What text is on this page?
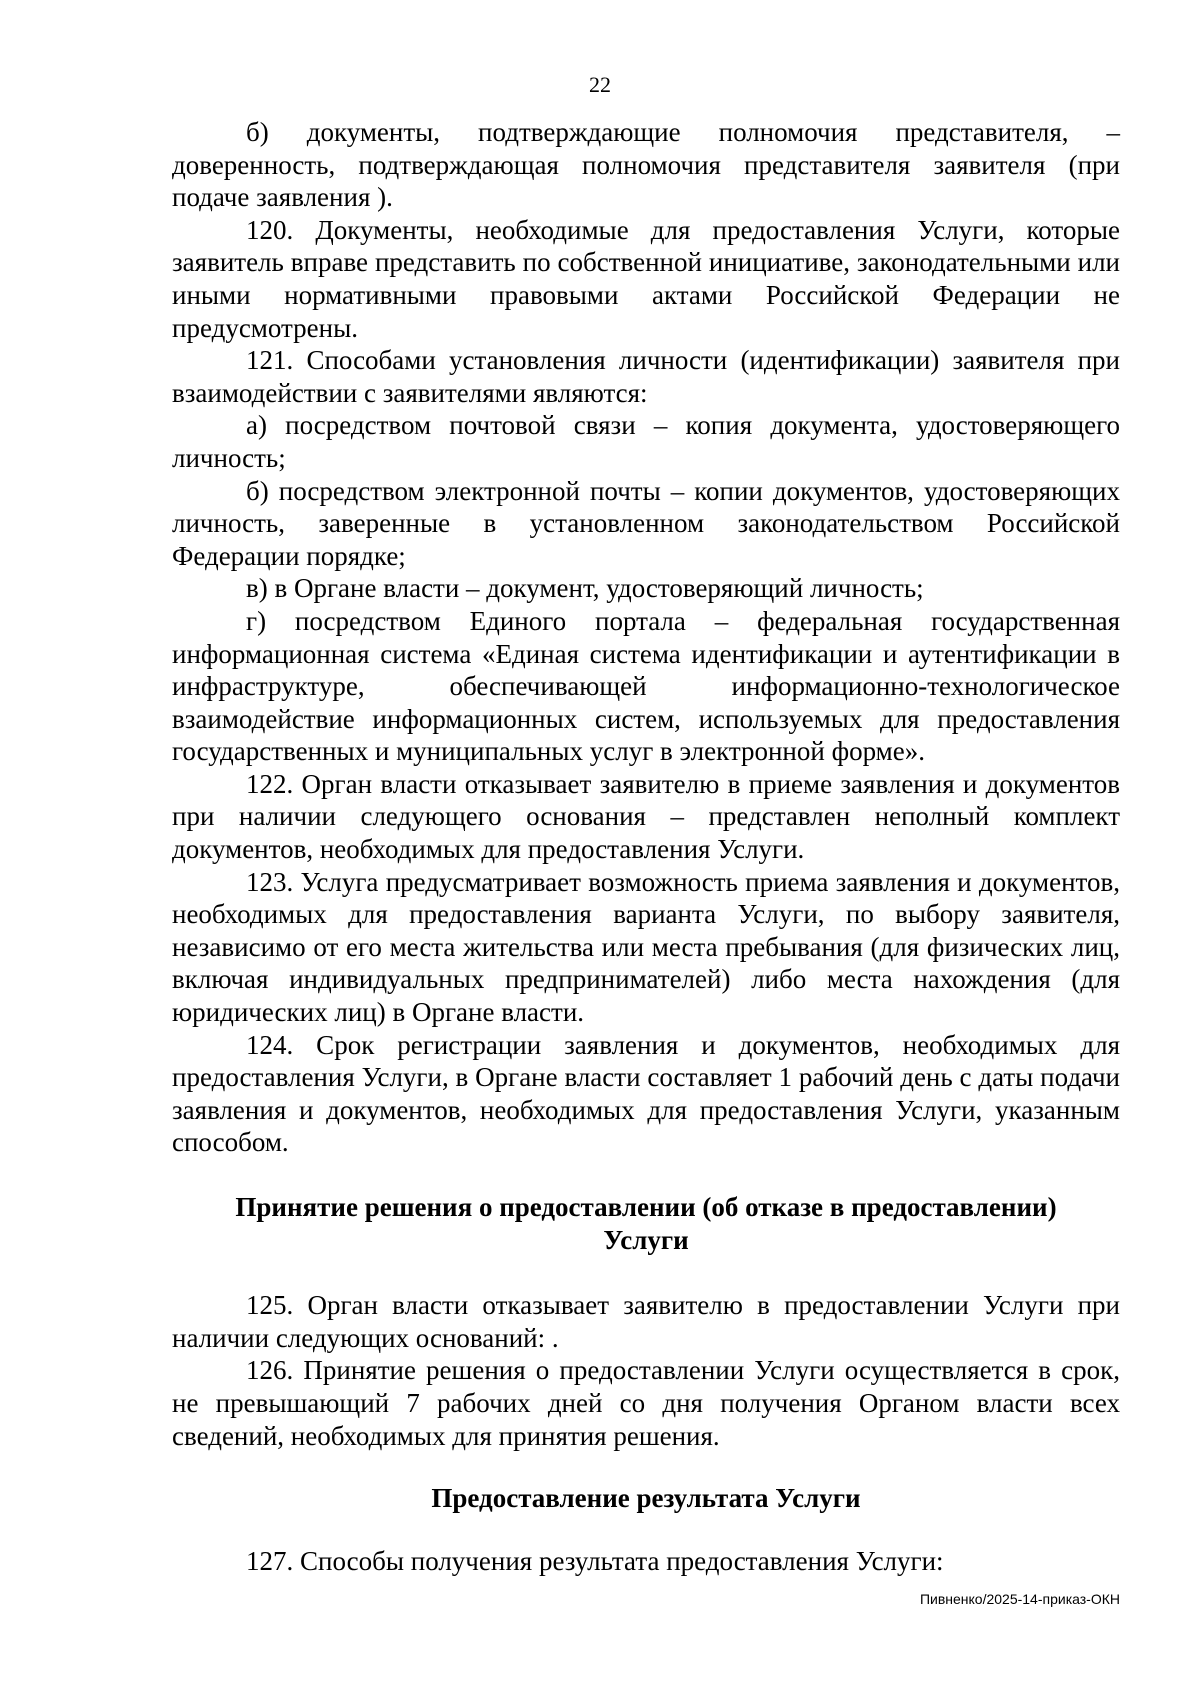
22

б) документы, подтверждающие полномочия представителя, – доверенность, подтверждающая полномочия представителя заявителя (при подаче заявления ).

120. Документы, необходимые для предоставления Услуги, которые заявитель вправе представить по собственной инициативе, законодательными или иными нормативными правовыми актами Российской Федерации не предусмотрены.

121. Способами установления личности (идентификации) заявителя при взаимодействии с заявителями являются:

а) посредством почтовой связи – копия документа, удостоверяющего личность;

б) посредством электронной почты – копии документов, удостоверяющих личность, заверенные в установленном законодательством Российской Федерации порядке;

в) в Органе власти – документ, удостоверяющий личность;

г) посредством Единого портала – федеральная государственная информационная система «Единая система идентификации и аутентификации в инфраструктуре, обеспечивающей информационно-технологическое взаимодействие информационных систем, используемых для предоставления государственных и муниципальных услуг в электронной форме».

122. Орган власти отказывает заявителю в приеме заявления и документов при наличии следующего основания – представлен неполный комплект документов, необходимых для предоставления Услуги.

123. Услуга предусматривает возможность приема заявления и документов, необходимых для предоставления варианта Услуги, по выбору заявителя, независимо от его места жительства или места пребывания (для физических лиц, включая индивидуальных предпринимателей) либо места нахождения (для юридических лиц) в Органе власти.

124. Срок регистрации заявления и документов, необходимых для предоставления Услуги, в Органе власти составляет 1 рабочий день с даты подачи заявления и документов, необходимых для предоставления Услуги, указанным способом.

Принятие решения о предоставлении (об отказе в предоставлении) Услуги

125. Орган власти отказывает заявителю в предоставлении Услуги при наличии следующих оснований: .

126. Принятие решения о предоставлении Услуги осуществляется в срок, не превышающий 7 рабочих дней со дня получения Органом власти всех сведений, необходимых для принятия решения.

Предоставление результата Услуги

127. Способы получения результата предоставления Услуги:

Пивненко/2025-14-приказ-ОКН
